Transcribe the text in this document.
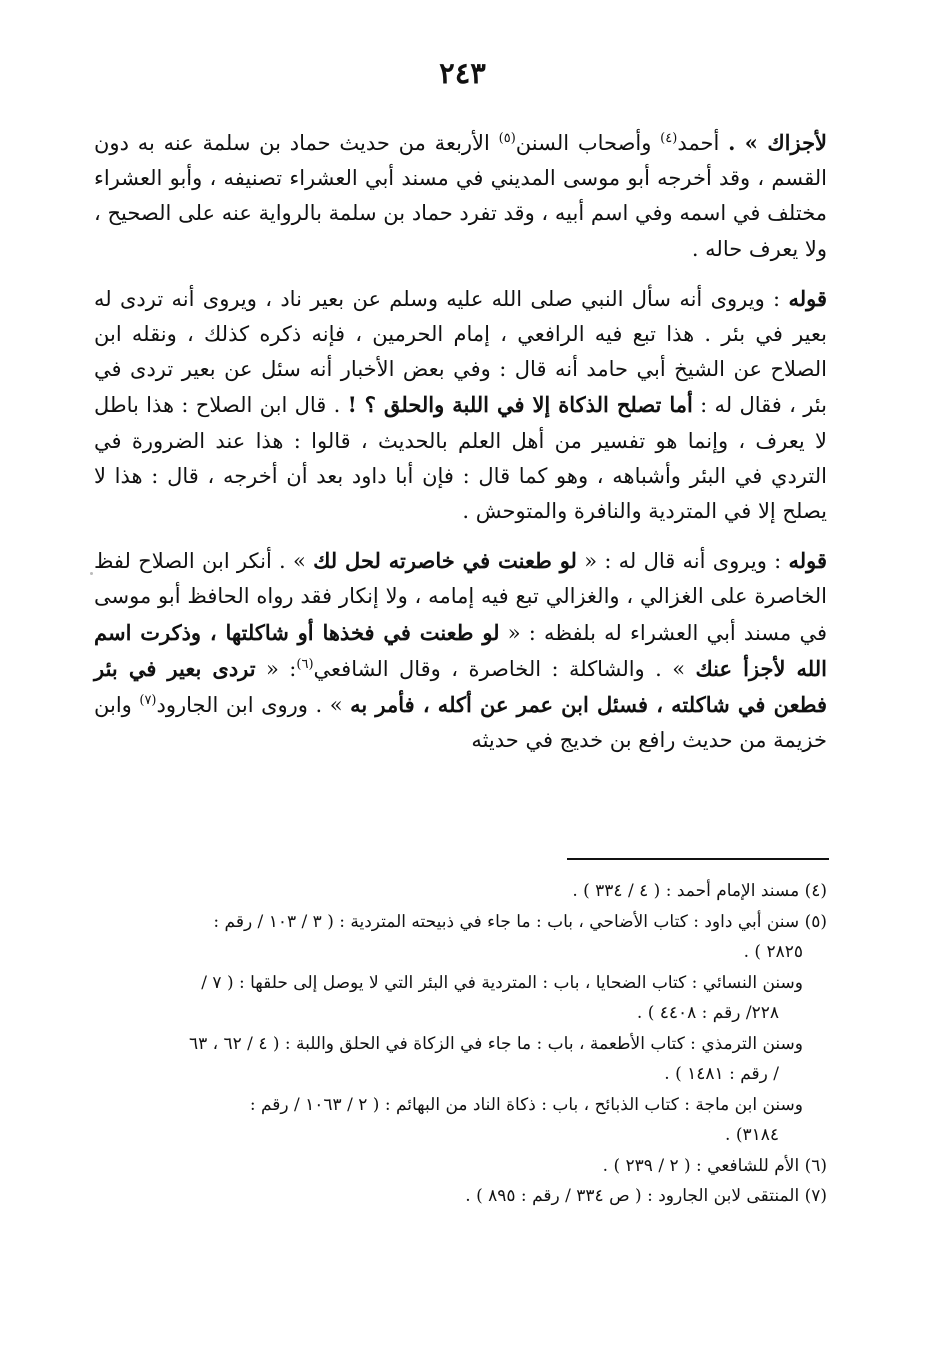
٢٤٣

لأجزاك » . أحمد$^{(٤)}$ وأصحاب السنن$^{(٥)}$ الأربعة من حديث حماد بن سلمة عنه به دون القسم ، وقد أخرجه أبو موسى المديني في مسند أبي العشراء تصنيفه ، وأبو العشراء مختلف في اسمه وفي اسم أبيه ، وقد تفرد حماد بن سلمة بالرواية عنه على الصحيح ، ولا يعرف حاله .

قوله : ويروى أنه سأل النبي صلى الله عليه وسلم عن بعير ناد ، ويروى أنه تردى له بعير في بئر . هذا تبع فيه الرافعي ، إمام الحرمين ، فإنه ذكره كذلك ، ونقله ابن الصلاح عن الشيخ أبي حامد أنه قال : وفي بعض الأخبار أنه سئل عن بعير تردى في بئر ، فقال له : أما تصلح الذكاة إلا في اللبة والحلق ؟ ! . قال ابن الصلاح : هذا باطل لا يعرف ، وإنما هو تفسير من أهل العلم بالحديث ، قالوا : هذا عند الضرورة في التردي في البئر وأشباهه ، وهو كما قال : فإن أبا داود بعد أن أخرجه ، قال : هذا لا يصلح إلا في المتردية والنافرة والمتوحش .

قوله : ويروى أنه قال له : « لو طعنت في خاصرته لحل لك » . أنكر ابن الصلاح لفظ الخاصرة على الغزالي ، والغزالي تبع فيه إمامه ، ولا إنكار فقد رواه الحافظ أبو موسى في مسند أبي العشراء له بلفظه : « لو طعنت في فخذها أو شاكلتها ، وذكرت اسم الله لأجزأ عنك » . والشاكلة : الخاصرة ، وقال الشافعي$^{(٦)}$: « تردى بعير في بئر فطعن في شاكلته ، فسئل ابن عمر عن أكله ، فأمر به » . وروى ابن الجارود$^{(٧)}$ وابن خزيمة من حديث رافع بن خديج في حديثه

(٤) مسند الإمام أحمد : ( ٤ / ٣٣٤ ) .

(٥) سنن أبي داود : كتاب الأضاحي ، باب : ما جاء في ذبيحته المتردية : ( ٣ / ١٠٣ / رقم :
٢٨٢٥ ) .

وسنن النسائي : كتاب الضحايا ، باب : المتردية في البئر التي لا يوصل إلى حلقها : ( ٧ /
٢٢٨/ رقم : ٤٤٠٨ ) .

وسنن الترمذي : كتاب الأطعمة ، باب : ما جاء في الزكاة في الحلق واللبة : ( ٤ / ٦٢ ، ٦٣
/ رقم : ١٤٨١ ) .

وسنن ابن ماجة : كتاب الذبائح ، باب : ذكاة الناد من البهائم : ( ٢ / ١٠٦٣ / رقم :
٣١٨٤) .

(٦) الأم للشافعي : ( ٢ / ٢٣٩ ) .

(٧) المنتقى لابن الجارود : ( ص ٣٣٤ / رقم : ٨٩٥ ) .
